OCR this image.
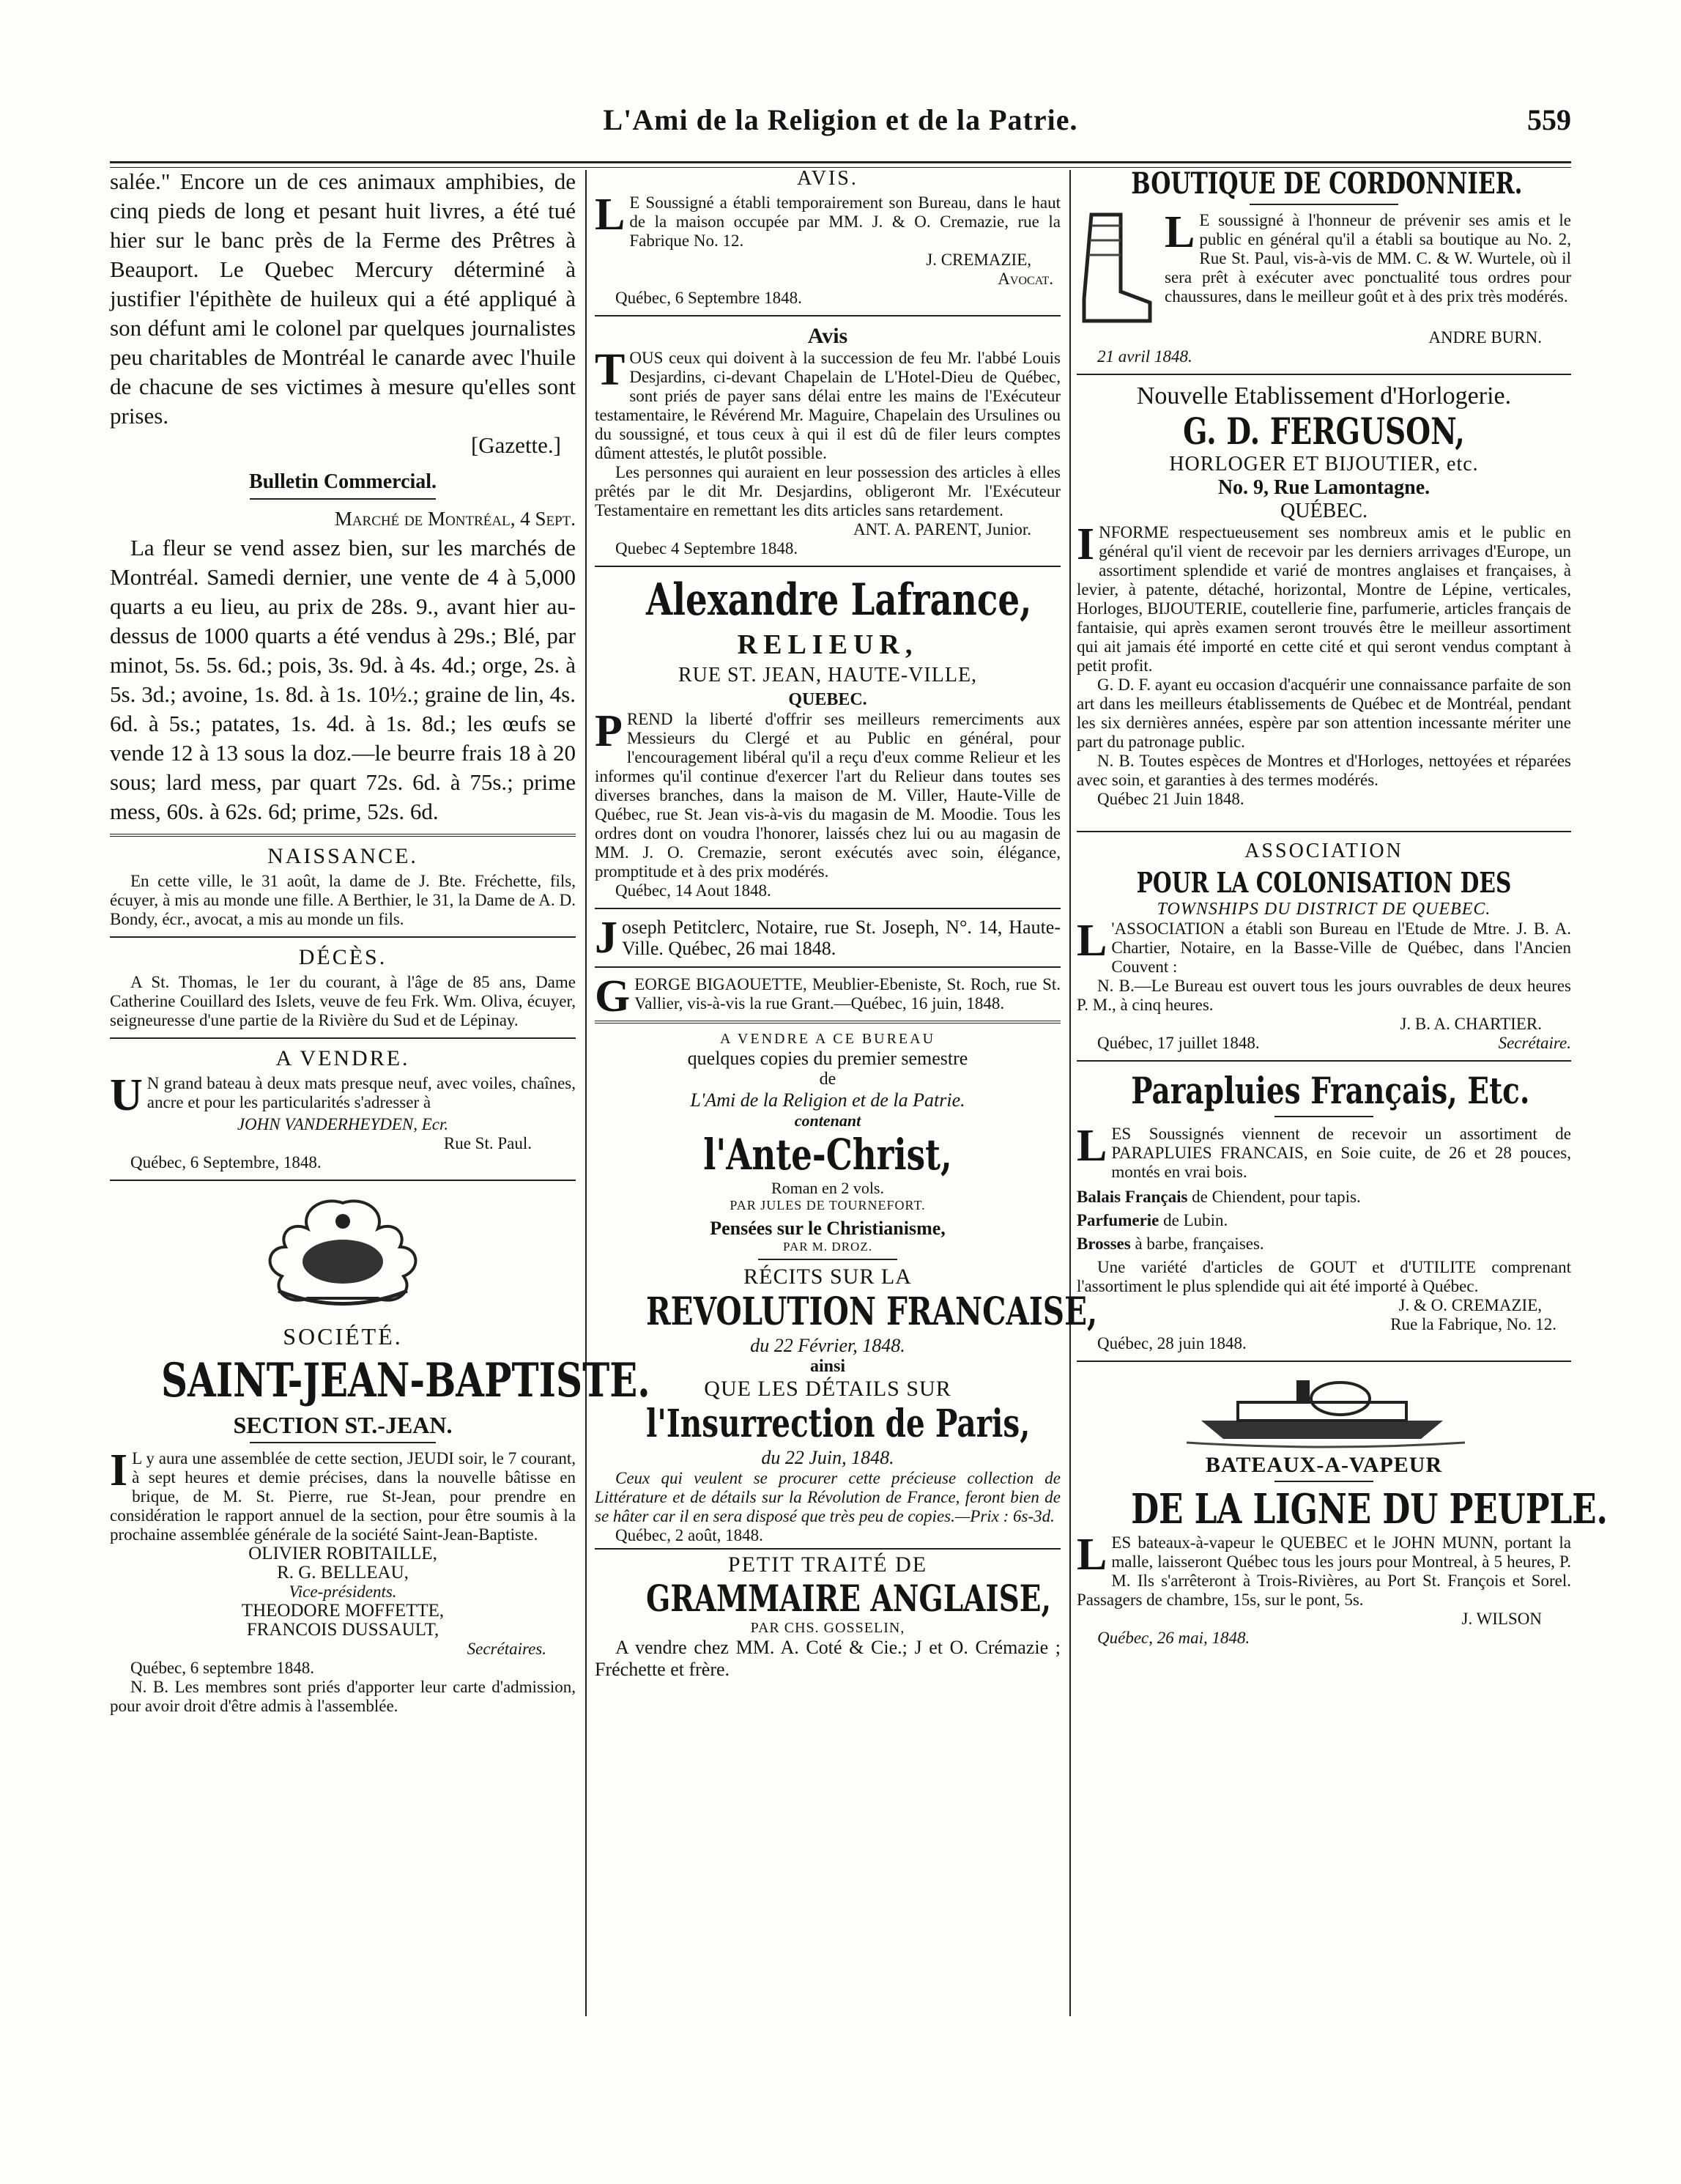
L'Ami de la Religion et de la Patrie.	559

salée." Encore un de ces animaux amphibies, de cinq pieds de long et pesant huit livres, a été tué hier sur le banc près de la Ferme des Prêtres à Beauport. Le Quebec Mercury déterminé à justifier l'épithète de huileux qui a été appliqué à son défunt ami le colonel par quelques journalistes peu charitables de Montréal le canarde avec l'huile de chacune de ses victimes à mesure qu'elles sont prises.

[Gazette.]

Bulletin Commercial.

Marché de Montréal, 4 Sept.

La fleur se vend assez bien, sur les marchés de Montréal. Samedi dernier, une vente de 4 à 5,000 quarts a eu lieu, au prix de 28s. 9., avant hier au-dessus de 1000 quarts a été vendus à 29s.; Blé, par minot, 5s. 5s. 6d.; pois, 3s. 9d. à 4s. 4d.; orge, 2s. à 5s. 3d.; avoine, 1s. 8d. à 1s. 10½.; graine de lin, 4s. 6d. à 5s.; patates, 1s. 4d. à 1s. 8d.; les œufs se vende 12 à 13 sous la doz.—le beurre frais 18 à 20 sous; lard mess, par quart 72s. 6d. à 75s.; prime mess, 60s. à 62s. 6d; prime, 52s. 6d.

NAISSANCE.

En cette ville, le 31 août, la dame de J. Bte. Fréchette, fils, écuyer, à mis au monde une fille. A Berthier, le 31, la Dame de A. D. Bondy, écr., avocat, a mis au monde un fils.

DÉCÈS.

A St. Thomas, le 1er du courant, à l'âge de 85 ans, Dame Catherine Couillard des Islets, veuve de feu Frk. Wm. Oliva, écuyer, seigneuresse d'une partie de la Rivière du Sud et de Lépinay.

A VENDRE.

U N grand bateau à deux mats presque neuf, avec voiles, chaînes, ancre et pour les particularités s'adresser à

JOHN VANDERHEYDEN, Ecr.

Rue St. Paul.

Québec, 6 Septembre, 1848.

SOCIÉTÉ.
SAINT-JEAN-BAPTISTE.
SECTION ST.-JEAN.

I L y aura une assemblée de cette section, JEUDI soir, le 7 courant, à sept heures et demie précises, dans la nouvelle bâtisse en brique, de M. St. Pierre, rue St-Jean, pour prendre en considération le rapport annuel de la section, pour être soumis à la prochaine assemblée générale de la société Saint-Jean-Baptiste.

OLIVIER ROBITAILLE,

R. G. BELLEAU,

Vice-présidents.

THEODORE MOFFETTE,

FRANCOIS DUSSAULT,

Secrétaires.

Québec, 6 septembre 1848.

N. B. Les membres sont priés d'apporter leur carte d'admission, pour avoir droit d'être admis à l'assemblée.

AVIS.

L E Soussigné a établi temporairement son Bureau, dans le haut de la maison occupée par MM. J. & O. Cremazie, rue la Fabrique No. 12.

J. CREMAZIE,

Avocat.

Québec, 6 Septembre 1848.

Avis

TOUS ceux qui doivent à la succession de feu Mr. l'abbé Louis Desjardins, ci-devant Chapelain de L'Hotel-Dieu de Québec, sont priés de payer sans délai entre les mains de l'Exécuteur testamentaire, le Révérend Mr. Maguire, Chapelain des Ursulines ou du soussigné, et tous ceux à qui il est dû de filer leurs comptes dûment attestés, le plutôt possible.

Les personnes qui auraient en leur possession des articles à elles prêtés par le dit Mr. Desjardins, obligeront Mr. l'Exécuteur Testamentaire en remettant les dits articles sans retardement.

ANT. A. PARENT, Junior.

Quebec 4 Septembre 1848.

Alexandre Lafrance,
RELIEUR,
RUE ST. JEAN, HAUTE-VILLE,
QUEBEC.

PREND la liberté d'offrir ses meilleurs remerciments aux Messieurs du Clergé et au Public en général, pour l'encouragement libéral qu'il a reçu d'eux comme Relieur et les informes qu'il continue d'exercer l'art du Relieur dans toutes ses diverses branches, dans la maison de M. Viller, Haute-Ville de Québec, rue St. Jean vis-à-vis du magasin de M. Moodie. Tous les ordres dont on voudra l'honorer, laissés chez lui ou au magasin de MM. J. O. Cremazie, seront exécutés avec soin, élégance, promptitude et à des prix modérés.

Québec, 14 Aout 1848.

Joseph Petitclerc, Notaire, rue St. Joseph, N°. 14, Haute-Ville. Québec, 26 mai 1848.

GEORGE BIGAOUETTE, Meublier-Ebeniste, St. Roch, rue St. Vallier, vis-à-vis la rue Grant.—Québec, 16 juin, 1848.

A VENDRE A CE BUREAU
quelques copies du premier semestre
de
L'Ami de la Religion et de la Patrie.
contenant
l'Ante-Christ,
Roman en 2 vols.
PAR JULES DE TOURNEFORT.
Pensées sur le Christianisme,
PAR M. DROZ.
RÉCITS SUR LA
REVOLUTION FRANCAISE,
du 22 Février, 1848.
ainsi
QUE LES DÉTAILS SUR
l'Insurrection de Paris,
du 22 Juin, 1848.

Ceux qui veulent se procurer cette précieuse collection de Littérature et de détails sur la Révolution de France, feront bien de se hâter car il en sera disposé que très peu de copies.—Prix : 6s-3d.

Québec, 2 août, 1848.

PETIT TRAITÉ DE
GRAMMAIRE ANGLAISE,
PAR CHS. GOSSELIN,

A vendre chez MM. A. Coté & Cie.; J et O. Crémazie ; Fréchette et frère.

BOUTIQUE DE CORDONNIER.

L E soussigné à l'honneur de prévenir ses amis et le public en général qu'il a établi sa boutique au No. 2, Rue St. Paul, vis-à-vis de MM. C. & W. Wurtele, où il sera prêt à exécuter avec ponctualité tous ordres pour chaussures, dans le meilleur goût et à des prix très modérés.

ANDRE BURN.

21 avril 1848.

Nouvelle Etablissement d'Horlogerie.
G. D. FERGUSON,
HORLOGER ET BIJOUTIER, etc.
No. 9, Rue Lamontagne.
QUÉBEC.

INFORME respectueusement ses nombreux amis et le public en général qu'il vient de recevoir par les derniers arrivages d'Europe, un assortiment splendide et varié de montres anglaises et françaises, à levier, à patente, détaché, horizontal, Montre de Lépine, verticales, Horloges, BIJOUTERIE, coutellerie fine, parfumerie, articles français de fantaisie, qui après examen seront trouvés être le meilleur assortiment qui ait jamais été importé en cette cité et qui seront vendus comptant à petit profit.

G. D. F. ayant eu occasion d'acquérir une connaissance parfaite de son art dans les meilleurs établissements de Québec et de Montréal, pendant les six dernières années, espère par son attention incessante mériter une part du patronage public.

N. B. Toutes espèces de Montres et d'Horloges, nettoyées et réparées avec soin, et garanties à des termes modérés.

Québec 21 Juin 1848.

ASSOCIATION
POUR LA COLONISATION DES
TOWNSHIPS DU DISTRICT DE QUEBEC.

L 'ASSOCIATION a établi son Bureau en l'Etude de Mtre. J. B. A. Chartier, Notaire, en la Basse-Ville de Québec, dans l'Ancien Couvent :

N. B.—Le Bureau est ouvert tous les jours ouvrables de deux heures P. M., à cinq heures.

J. B. A. CHARTIER.

Québec, 17 juillet 1848.	Secrétaire.

Parapluies Français, Etc.

LES Soussignés viennent de recevoir un assortiment de PARAPLUIES FRANCAIS, en Soie cuite, de 26 et 28 pouces, montés en vrai bois.

Balais Français de Chiendent, pour tapis.

Parfumerie de Lubin.

Brosses à barbe, françaises.

Une variété d'articles de GOUT et d'UTILITE comprenant l'assortiment le plus splendide qui ait été importé à Québec.

J. & O. CREMAZIE,

Rue la Fabrique, No. 12.

Québec, 28 juin 1848.

BATEAUX-A-VAPEUR
DE LA LIGNE DU PEUPLE.

LES bateaux-à-vapeur le QUEBEC et le JOHN MUNN, portant la malle, laisseront Québec tous les jours pour Montreal, à 5 heures, P. M. Ils s'arrêteront à Trois-Rivières, au Port St. François et Sorel. Passagers de chambre, 15s, sur le pont, 5s.

J. WILSON

Québec, 26 mai, 1848.
